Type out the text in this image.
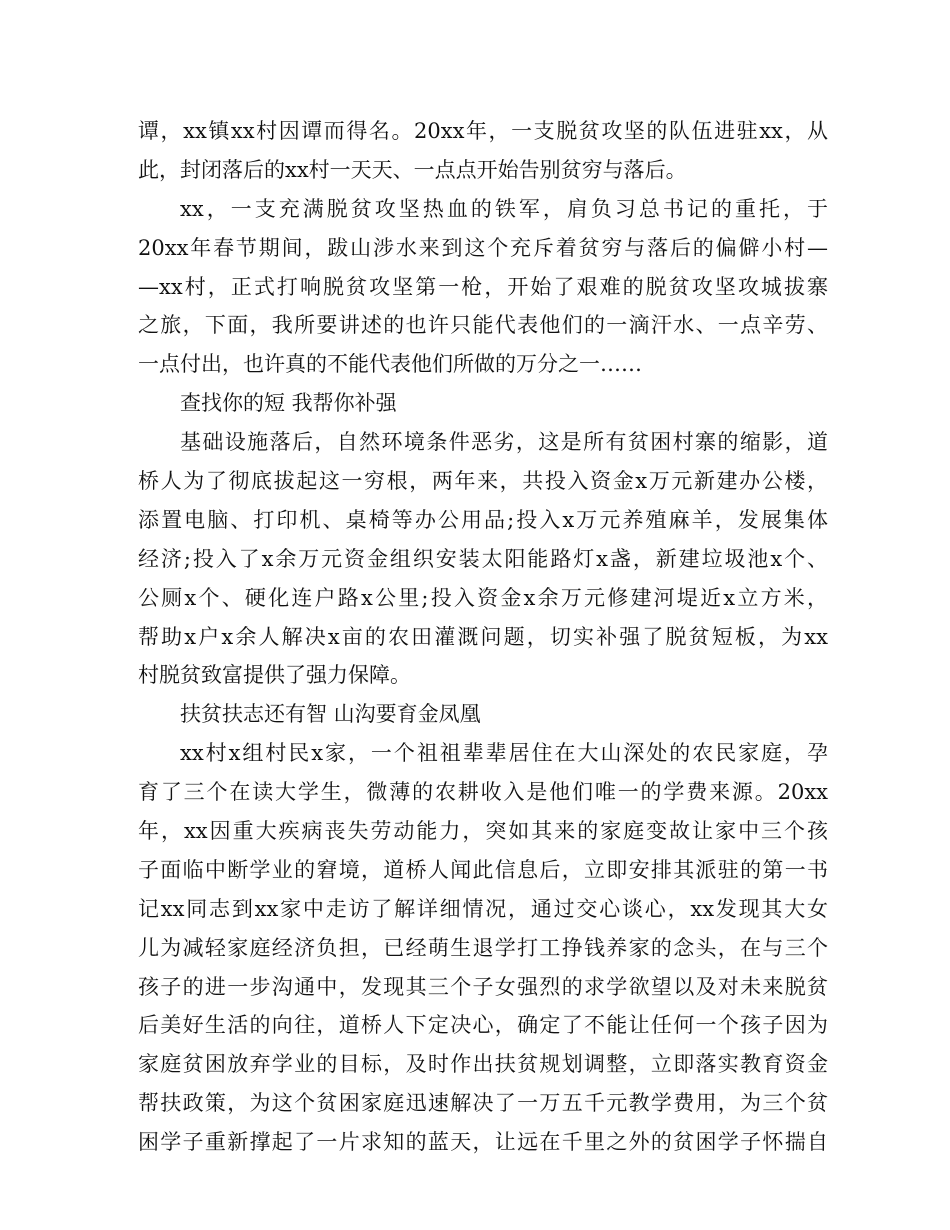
谭，xx镇xx村因谭而得名。20xx年，一支脱贫攻坚的队伍进驻xx，从
此，封闭落后的xx村一天天、一点点开始告别贫穷与落后。
xx，一支充满脱贫攻坚热血的铁军，肩负习总书记的重托，于
20xx年春节期间，跋山涉水来到这个充斥着贫穷与落后的偏僻小村—
—xx村，正式打响脱贫攻坚第一枪，开始了艰难的脱贫攻坚攻城拔寨
之旅，下面，我所要讲述的也许只能代表他们的一滴汗水、一点辛劳、
一点付出，也许真的不能代表他们所做的万分之一……
查找你的短 我帮你补强
基础设施落后，自然环境条件恶劣，这是所有贫困村寨的缩影，道
桥人为了彻底拔起这一穷根，两年来，共投入资金x万元新建办公楼，
添置电脑、打印机、桌椅等办公用品;投入x万元养殖麻羊，发展集体
经济;投入了x余万元资金组织安装太阳能路灯x盏，新建垃圾池x个、
公厕x个、硬化连户路x公里;投入资金x余万元修建河堤近x立方米，
帮助x户x余人解决x亩的农田灌溉问题，切实补强了脱贫短板，为xx
村脱贫致富提供了强力保障。
扶贫扶志还有智 山沟要育金凤凰
xx村x组村民x家，一个祖祖辈辈居住在大山深处的农民家庭，孕
育了三个在读大学生，微薄的农耕收入是他们唯一的学费来源。20xx
年，xx因重大疾病丧失劳动能力，突如其来的家庭变故让家中三个孩
子面临中断学业的窘境，道桥人闻此信息后，立即安排其派驻的第一书
记xx同志到xx家中走访了解详细情况，通过交心谈心，xx发现其大女
儿为减轻家庭经济负担，已经萌生退学打工挣钱养家的念头，在与三个
孩子的进一步沟通中，发现其三个子女强烈的求学欲望以及对未来脱贫
后美好生活的向往，道桥人下定决心，确定了不能让任何一个孩子因为
家庭贫困放弃学业的目标，及时作出扶贫规划调整，立即落实教育资金
帮扶政策，为这个贫困家庭迅速解决了一万五千元教学费用，为三个贫
困学子重新撑起了一片求知的蓝天，让远在千里之外的贫困学子怀揣自
